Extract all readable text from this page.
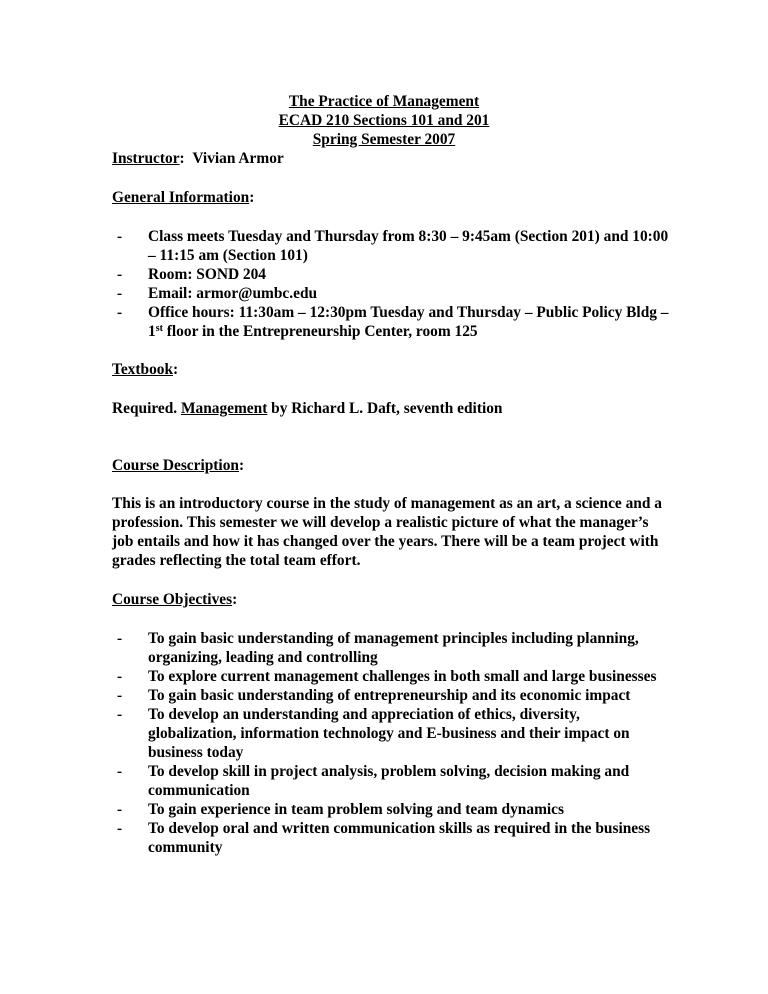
The Practice of Management
ECAD 210 Sections 101 and 201
Spring Semester 2007
Instructor: Vivian Armor
General Information:
- Class meets Tuesday and Thursday from 8:30 – 9:45am (Section 201) and 10:00 – 11:15 am (Section 101)
- Room: SOND 204
- Email: armor@umbc.edu
- Office hours: 11:30am – 12:30pm Tuesday and Thursday – Public Policy Bldg – 1st floor in the Entrepreneurship Center, room 125
Textbook:
Required. Management by Richard L. Daft, seventh edition
Course Description:
This is an introductory course in the study of management as an art, a science and a profession. This semester we will develop a realistic picture of what the manager’s job entails and how it has changed over the years. There will be a team project with grades reflecting the total team effort.
Course Objectives:
- To gain basic understanding of management principles including planning, organizing, leading and controlling
- To explore current management challenges in both small and large businesses
- To gain basic understanding of entrepreneurship and its economic impact
- To develop an understanding and appreciation of ethics, diversity, globalization, information technology and E-business and their impact on business today
- To develop skill in project analysis, problem solving, decision making and communication
- To gain experience in team problem solving and team dynamics
- To develop oral and written communication skills as required in the business community
